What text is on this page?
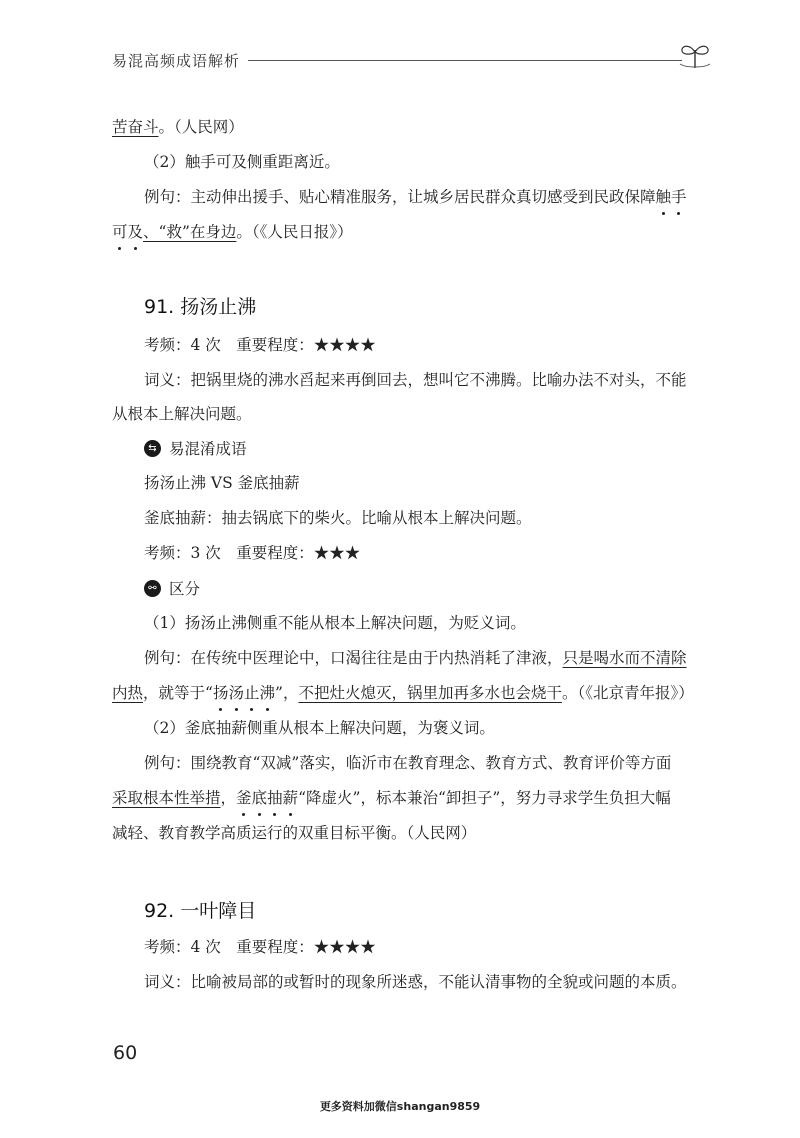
易混高频成语解析
苦奋斗。（人民网）
（2）触手可及侧重距离近。
例句：主动伸出援手、贴心精准服务，让城乡居民群众真切感受到民政保障触手
可及、“救”在身边。（《人民日报》）
91. 扬汤止沸
考频：4 次　重要程度：★★★★
词义：把锅里烧的沸水舀起来再倒回去，想叫它不沸腾。比喻办法不对头，不能
从根本上解决问题。
⇆ 易混淆成语
扬汤止沸 VS 釜底抽薪
釜底抽薪：抽去锅底下的柴火。比喻从根本上解决问题。
考频：3 次　重要程度：★★★
⚯ 区分
（1）扬汤止沸侧重不能从根本上解决问题，为贬义词。
例句：在传统中医理论中，口渴往往是由于内热消耗了津液，只是喝水而不清除
内热，就等于“扬汤止沸”，不把灶火熄灭，锅里加再多水也会烧干。（《北京青年报》）
（2）釜底抽薪侧重从根本上解决问题，为褒义词。
例句：围绕教育“双减”落实，临沂市在教育理念、教育方式、教育评价等方面
采取根本性举措，釜底抽薪“降虚火”，标本兼治“卸担子”，努力寻求学生负担大幅
减轻、教育教学高质运行的双重目标平衡。（人民网）
92. 一叶障目
考频：4 次　重要程度：★★★★
词义：比喻被局部的或暂时的现象所迷惑，不能认清事物的全貌或问题的本质。
60
更多资料加微信shangan9859
